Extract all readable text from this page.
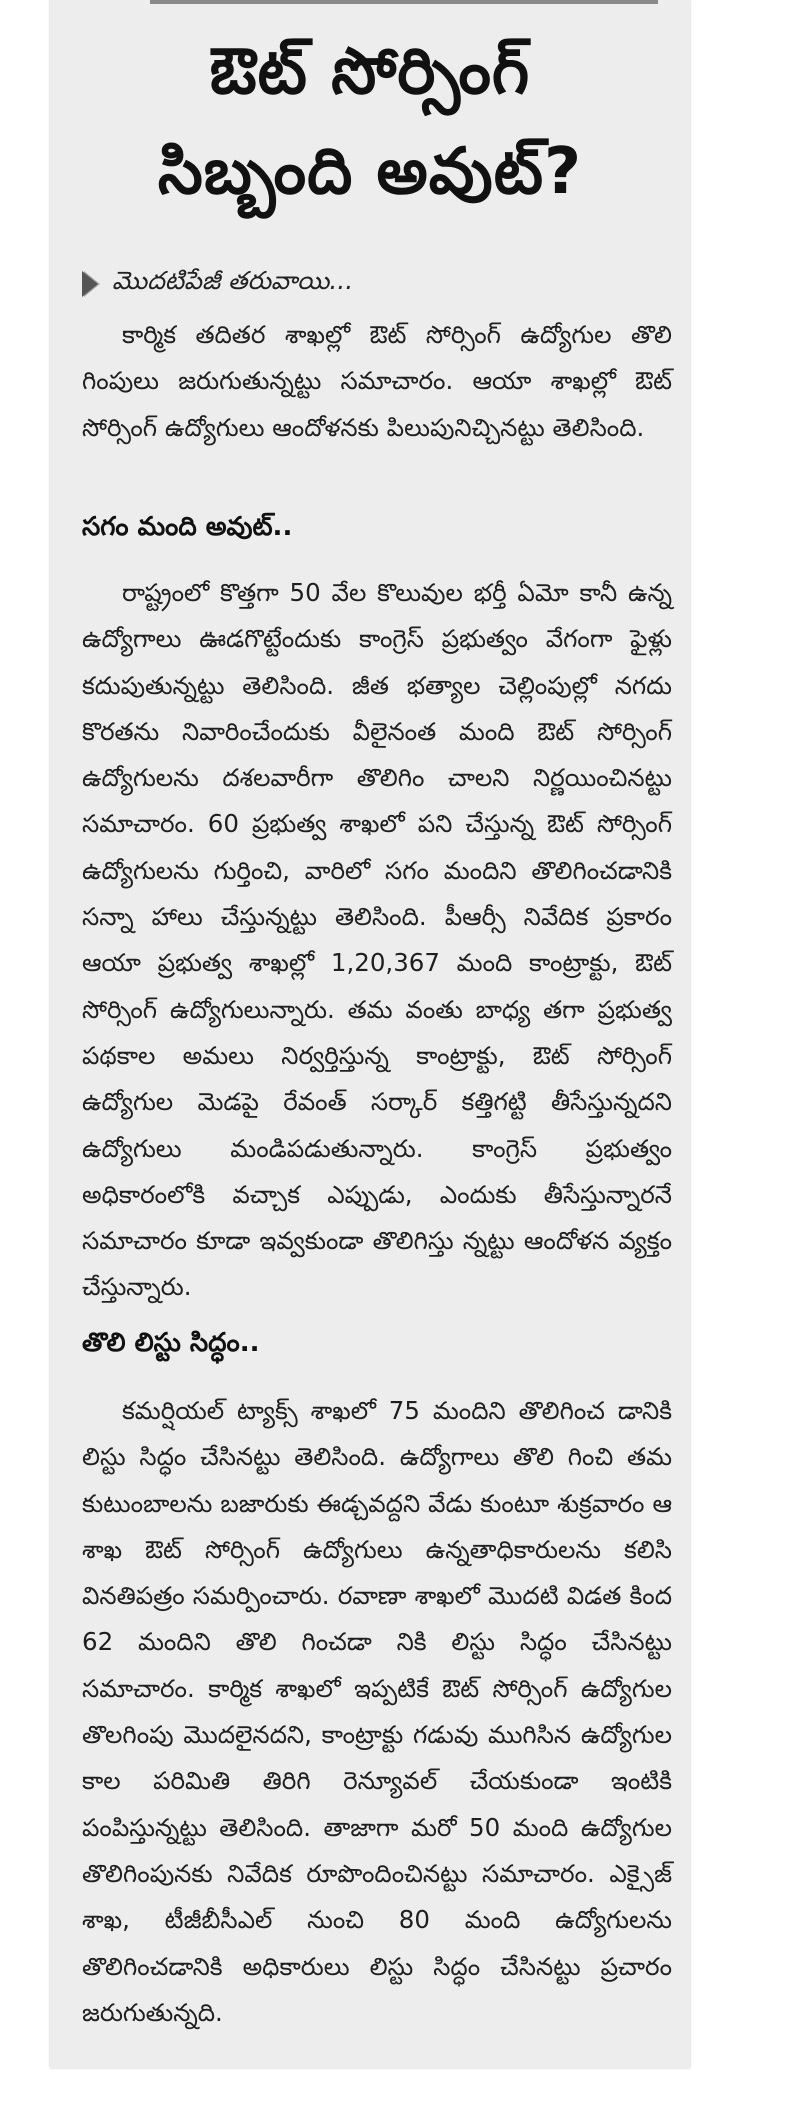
ఔట్ సోర్సింగ్
సిబ్బంది అవుట్?
మొదటిపేజీ తరువాయి...

కార్మిక తదితర శాఖల్లో ఔట్ సోర్సింగ్ ఉద్యోగుల తొలి గింపులు జరుగుతున్నట్టు సమాచారం. ఆయా శాఖల్లో ఔట్ సోర్సింగ్ ఉద్యోగులు ఆందోళనకు పిలుపునిచ్చినట్టు తెలిసింది.

సగం మంది అవుట్..

రాష్ట్రంలో కొత్తగా 50 వేల కొలువుల భర్తీ ఏమో కానీ ఉన్న ఉద్యోగాలు ఊడగొట్టేందుకు కాంగ్రెస్ ప్రభుత్వం వేగంగా ఫైళ్లు కదుపుతున్నట్టు తెలిసింది. జీత భత్యాల చెల్లింపుల్లో నగదు కొరతను నివారించేందుకు వీలైనంత మంది ఔట్ సోర్సింగ్ ఉద్యోగులను దశలవారీగా తొలిగిం చాలని నిర్ణయించినట్టు సమాచారం. 60 ప్రభుత్వ శాఖలో పని చేస్తున్న ఔట్ సోర్సింగ్ ఉద్యోగులను గుర్తించి, వారిలో సగం మందిని తొలిగించడానికి సన్నా హాలు చేస్తున్నట్టు తెలిసింది. పీఆర్సీ నివేదిక ప్రకారం ఆయా ప్రభుత్వ శాఖల్లో 1,20,367 మంది కాంట్రాక్టు, ఔట్ సోర్సింగ్ ఉద్యోగులున్నారు. తమ వంతు బాధ్య తగా ప్రభుత్వ పథకాల అమలు నిర్వర్తిస్తున్న కాంట్రాక్టు, ఔట్ సోర్సింగ్ ఉద్యోగుల మెడపై రేవంత్ సర్కార్ కత్తిగట్టి తీసేస్తున్నదని ఉద్యోగులు మండిపడుతున్నారు. కాంగ్రెస్ ప్రభుత్వం అధికారంలోకి వచ్చాక ఎప్పుడు, ఎందుకు తీసేస్తున్నారనే సమాచారం కూడా ఇవ్వకుండా తొలిగిస్తు న్నట్టు ఆందోళన వ్యక్తం చేస్తున్నారు.

తొలి లిస్టు సిద్ధం..

కమర్షియల్ ట్యాక్స్ శాఖలో 75 మందిని తొలిగించ డానికి లిస్టు సిద్ధం చేసినట్టు తెలిసింది. ఉద్యోగాలు తొలి గించి తమ కుటుంబాలను బజారుకు ఈడ్చవద్దని వేడు కుంటూ శుక్రవారం ఆ శాఖ ఔట్ సోర్సింగ్ ఉద్యోగులు ఉన్నతాధికారులను కలిసి వినతిపత్రం సమర్పించారు. రవాణా శాఖలో మొదటి విడత కింద 62 మందిని తొలి గించడా నికి లిస్టు సిద్ధం చేసినట్టు సమాచారం. కార్మిక శాఖలో ఇప్పటికే ఔట్ సోర్సింగ్ ఉద్యోగుల తొలగింపు మొదలైనదని, కాంట్రాక్టు గడువు ముగిసిన ఉద్యోగుల కాల పరిమితి తిరిగి రెన్యూవల్ చేయకుండా ఇంటికి పంపిస్తున్నట్టు తెలిసింది. తాజాగా మరో 50 మంది ఉద్యోగుల తొలిగింపునకు నివేదిక రూపొందించినట్టు సమాచారం. ఎక్సైజ్ శాఖ, టీజీబీసీఎల్ నుంచి 80 మంది ఉద్యోగులను తొలిగించడానికి అధికారులు లిస్టు సిద్ధం చేసినట్టు ప్రచారం జరుగుతున్నది.
